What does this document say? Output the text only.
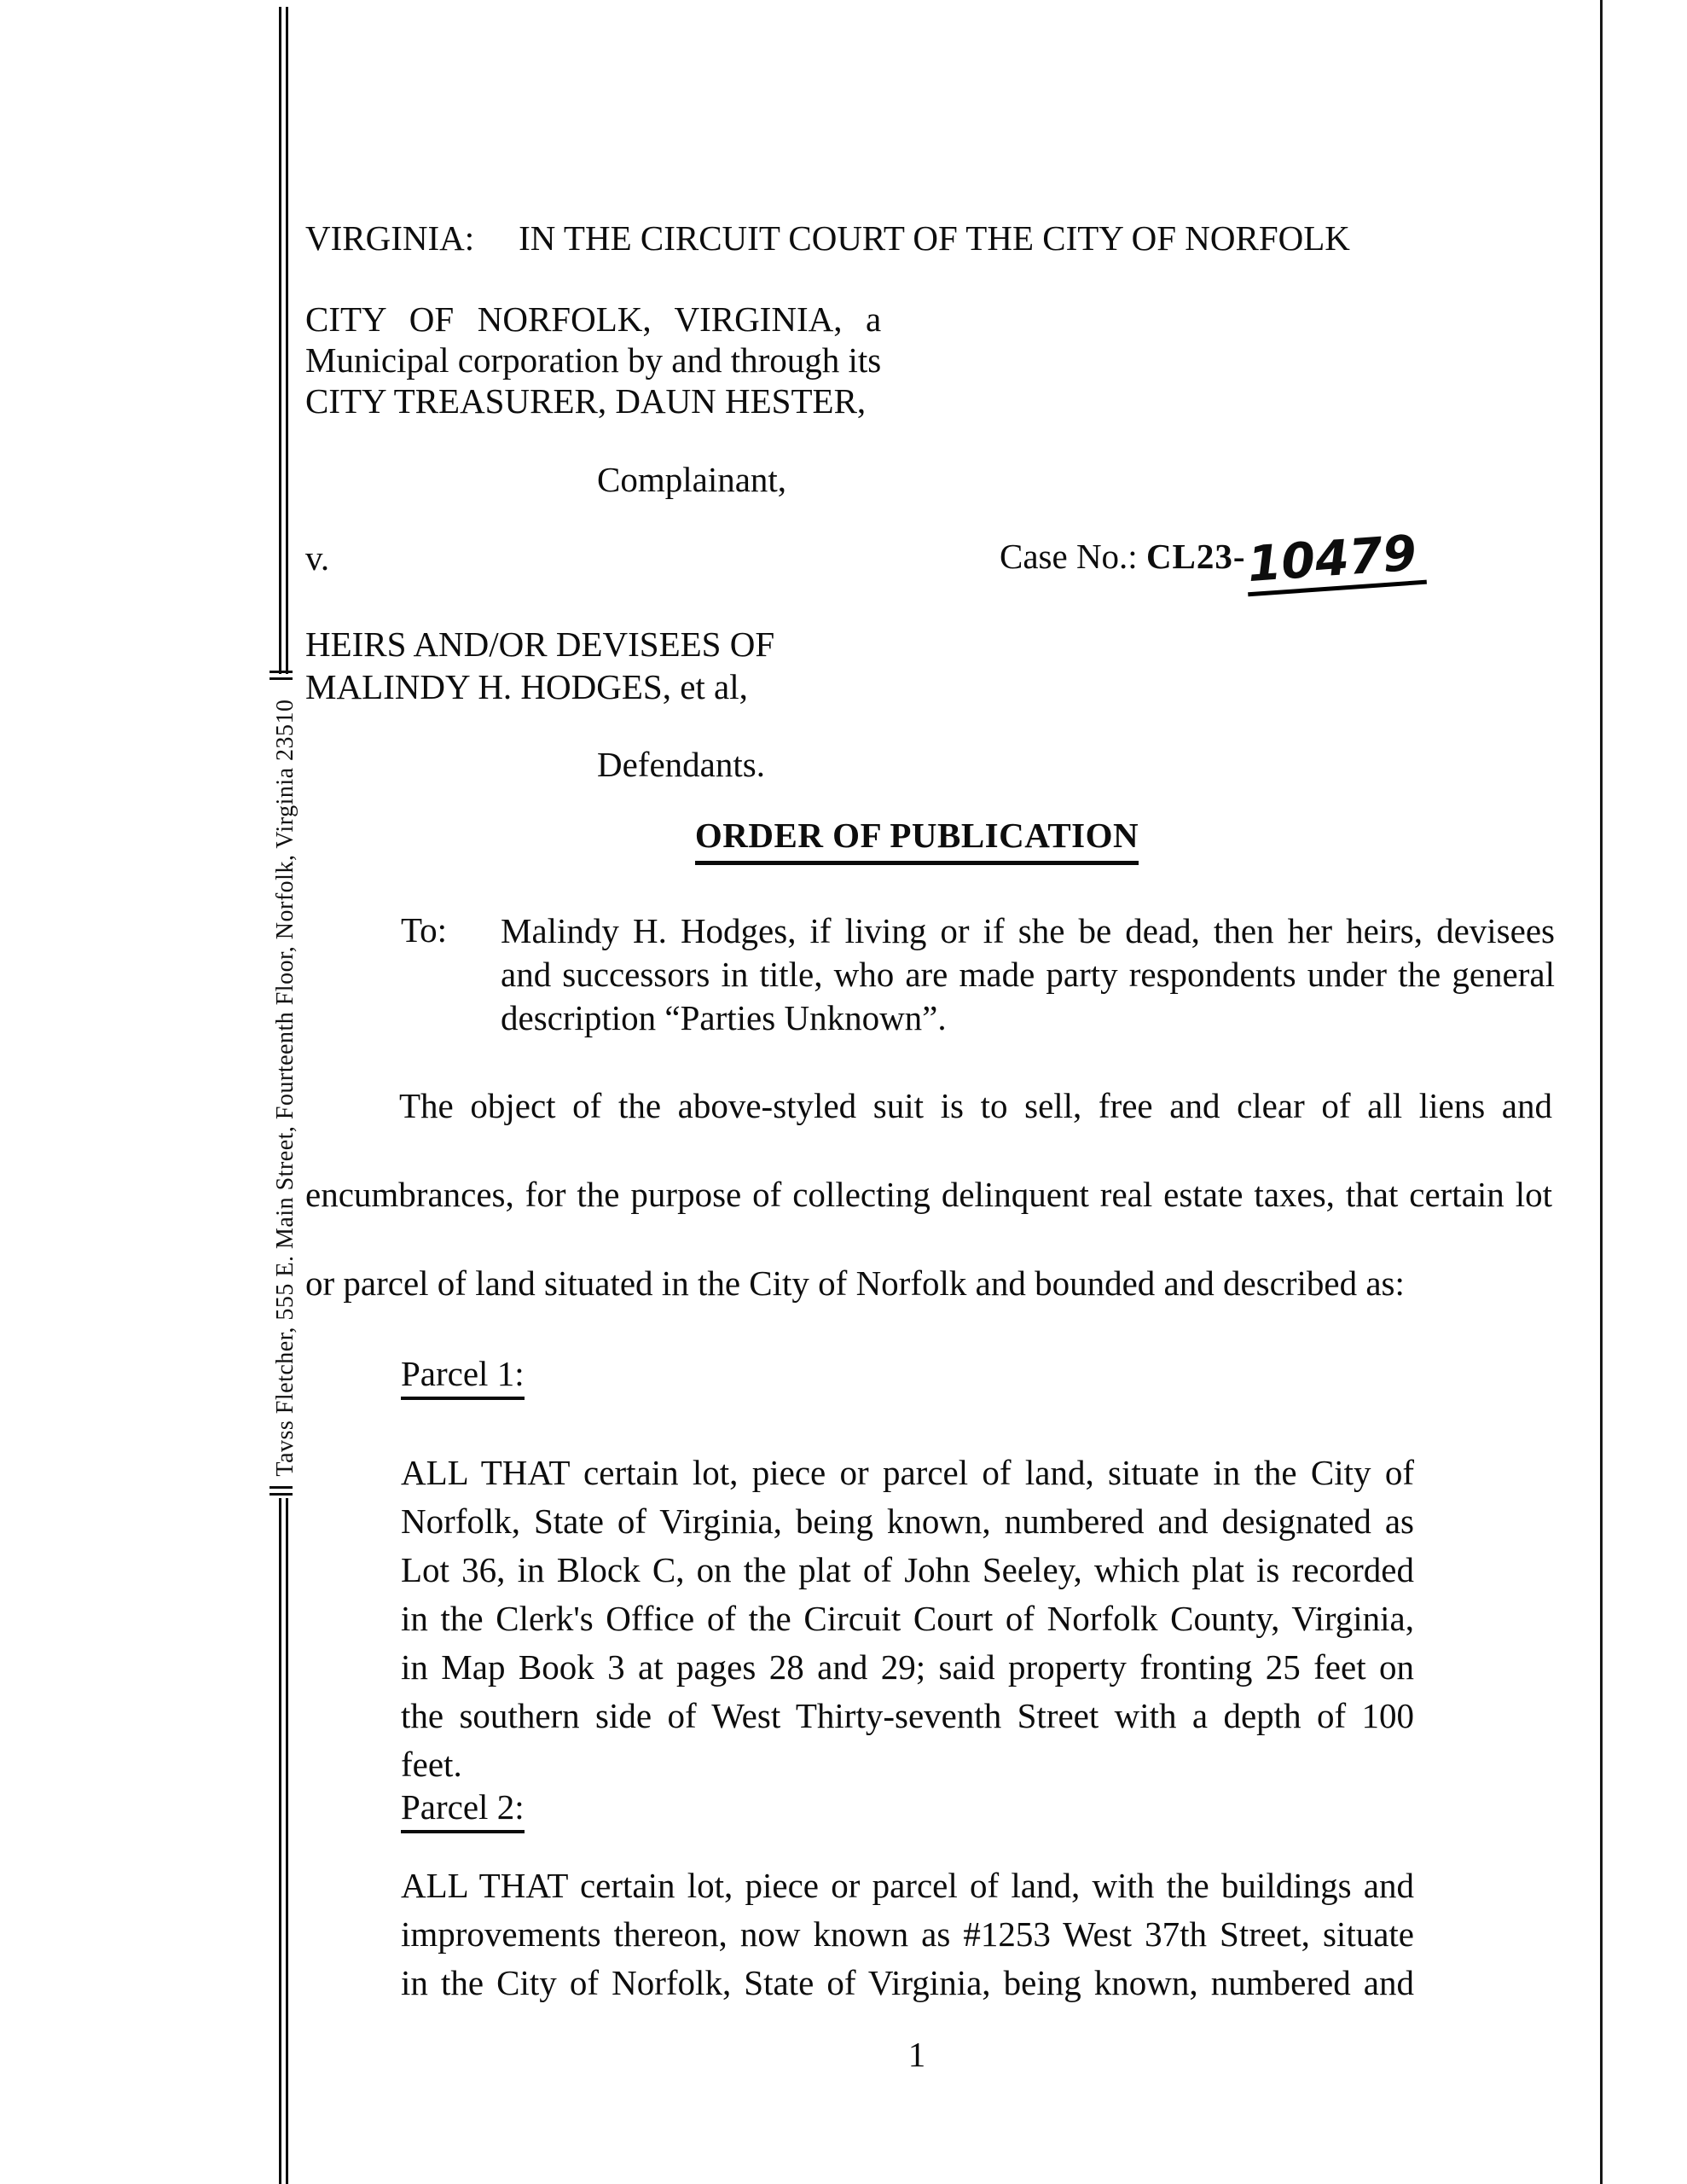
Tavss Fletcher, 555 E. Main Street, Fourteenth Floor, Norfolk, Virginia 23510
VIRGINIA: IN THE CIRCUIT COURT OF THE CITY OF NORFOLK
CITY OF NORFOLK, VIRGINIA, a
Municipal corporation by and through its
CITY TREASURER, DAUN HESTER,
Complainant,
v.	Case No.: CL23-10479
HEIRS AND/OR DEVISEES OF
MALINDY H. HODGES, et al,
Defendants.
ORDER OF PUBLICATION
To: Malindy H. Hodges, if living or if she be dead, then her heirs, devisees
and successors in title, who are made party respondents under the general
description “Parties Unknown”.
The object of the above-styled suit is to sell, free and clear of all liens and
encumbrances, for the purpose of collecting delinquent real estate taxes, that certain lot
or parcel of land situated in the City of Norfolk and bounded and described as:
Parcel 1:
ALL THAT certain lot, piece or parcel of land, situate in the City of
Norfolk, State of Virginia, being known, numbered and designated as
Lot 36, in Block C, on the plat of John Seeley, which plat is recorded
in the Clerk's Office of the Circuit Court of Norfolk County, Virginia,
in Map Book 3 at pages 28 and 29; said property fronting 25 feet on
the southern side of West Thirty-seventh Street with a depth of 100
feet.
Parcel 2:
ALL THAT certain lot, piece or parcel of land, with the buildings and
improvements thereon, now known as #1253 West 37th Street, situate
in the City of Norfolk, State of Virginia, being known, numbered and
1
